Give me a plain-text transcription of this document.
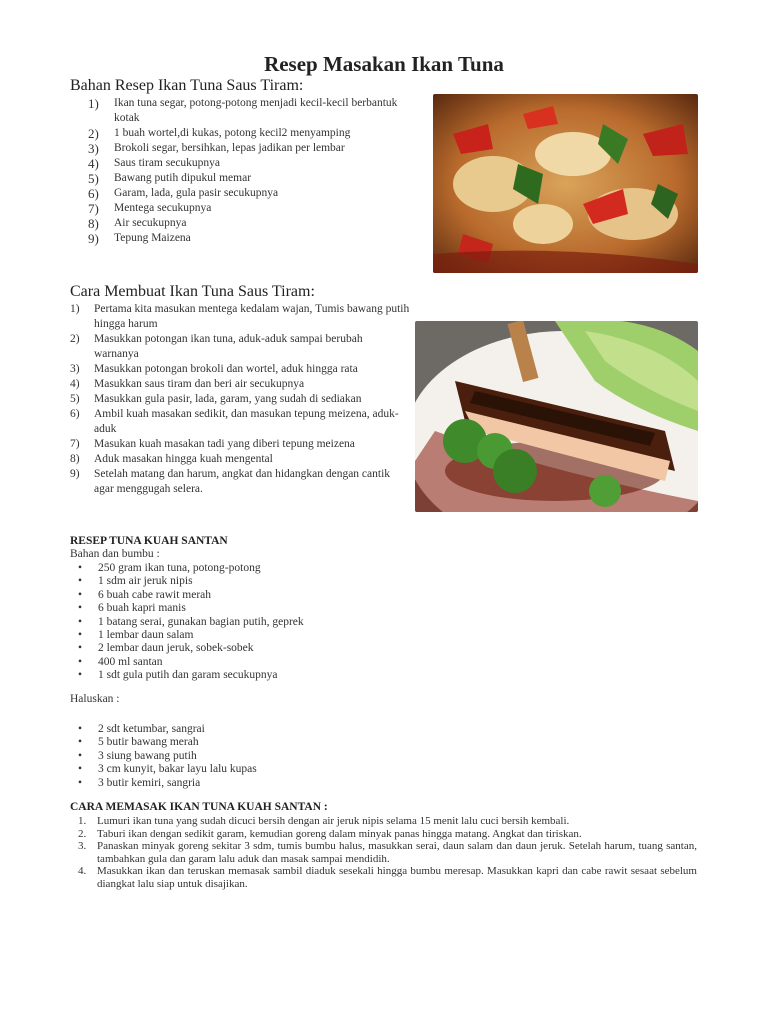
Resep Masakan Ikan Tuna
Bahan Resep Ikan Tuna Saus Tiram:
1) Ikan tuna segar, potong-potong menjadi kecil-kecil berbantuk kotak
2) 1 buah wortel,di kukas, potong kecil2 menyamping
3) Brokoli segar, bersihkan, lepas jadikan per lembar
4) Saus tiram secukupnya
5) Bawang putih dipukul memar
6) Garam, lada, gula pasir secukupnya
7) Mentega secukupnya
8) Air secukupnya
9) Tepung Maizena
Cara Membuat Ikan Tuna Saus Tiram:
1) Pertama kita masukan mentega kedalam wajan, Tumis bawang putih hingga harum
2) Masukkan potongan ikan tuna, aduk-aduk sampai berubah warnanya
3) Masukkan potongan brokoli dan wortel, aduk hingga rata
4) Masukkan saus tiram dan beri air secukupnya
5) Masukkan gula pasir, lada, garam, yang sudah di sediakan
6) Ambil kuah masakan sedikit, dan masukan tepung meizena, aduk-aduk
7) Masukan kuah masakan tadi yang diberi tepung meizena
8) Aduk masakan hingga kuah mengental
9) Setelah matang dan harum, angkat dan hidangkan dengan cantik agar menggugah selera.
RESEP TUNA KUAH SANTAN
Bahan dan bumbu :
• 250 gram ikan tuna, potong-potong
• 1 sdm air jeruk nipis
• 6 buah cabe rawit merah
• 6 buah kapri manis
• 1 batang serai, gunakan bagian putih, geprek
• 1 lembar daun salam
• 2 lembar daun jeruk, sobek-sobek
• 400 ml santan
• 1 sdt gula putih dan garam secukupnya
Haluskan :
• 2 sdt ketumbar, sangrai
• 5 butir bawang merah
• 3 siung bawang putih
• 3 cm kunyit, bakar layu lalu kupas
• 3 butir kemiri, sangria
CARA MEMASAK IKAN TUNA KUAH SANTAN :
1. Lumuri ikan tuna yang sudah dicuci bersih dengan air jeruk nipis selama 15 menit lalu cuci bersih kembali.
2. Taburi ikan dengan sedikit garam, kemudian goreng dalam minyak panas hingga matang. Angkat dan tiriskan.
3. Panaskan minyak goreng sekitar 3 sdm, tumis bumbu halus, masukkan serai, daun salam dan daun jeruk. Setelah harum, tuang santan, tambahkan gula dan garam lalu aduk dan masak sampai mendidih.
4. Masukkan ikan dan teruskan memasak sambil diaduk sesekali hingga bumbu meresap. Masukkan kapri dan cabe rawit sesaat sebelum diangkat lalu siap untuk disajikan.
